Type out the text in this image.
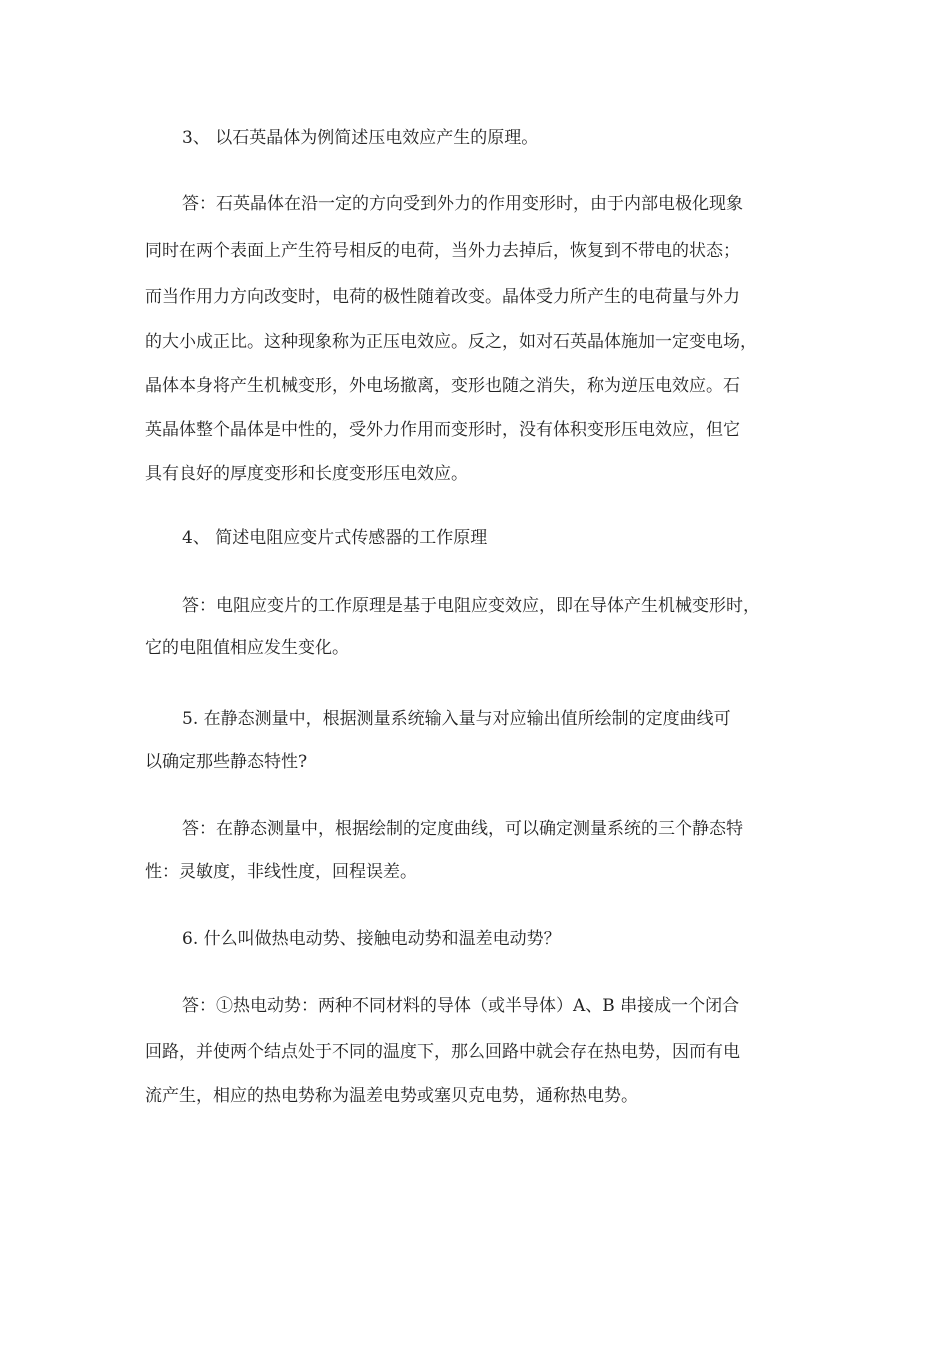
3、 以石英晶体为例简述压电效应产生的原理。

答：石英晶体在沿一定的方向受到外力的作用变形时，由于内部电极化现象

同时在两个表面上产生符号相反的电荷，当外力去掉后，恢复到不带电的状态；

而当作用力方向改变时，电荷的极性随着改变。晶体受力所产生的电荷量与外力

的大小成正比。这种现象称为正压电效应。反之，如对石英晶体施加一定变电场，

晶体本身将产生机械变形，外电场撤离，变形也随之消失，称为逆压电效应。石

英晶体整个晶体是中性的，受外力作用而变形时，没有体积变形压电效应，但它

具有良好的厚度变形和长度变形压电效应。

4、 简述电阻应变片式传感器的工作原理

答：电阻应变片的工作原理是基于电阻应变效应，即在导体产生机械变形时，

它的电阻值相应发生变化。

5. 在静态测量中，根据测量系统输入量与对应输出值所绘制的定度曲线可

以确定那些静态特性?

答：在静态测量中，根据绘制的定度曲线，可以确定测量系统的三个静态特

性：灵敏度，非线性度，回程误差。

6. 什么叫做热电动势、接触电动势和温差电动势？

答：①热电动势：两种不同材料的导体（或半导体）A、B 串接成一个闭合

回路，并使两个结点处于不同的温度下，那么回路中就会存在热电势，因而有电

流产生，相应的热电势称为温差电势或塞贝克电势，通称热电势。
